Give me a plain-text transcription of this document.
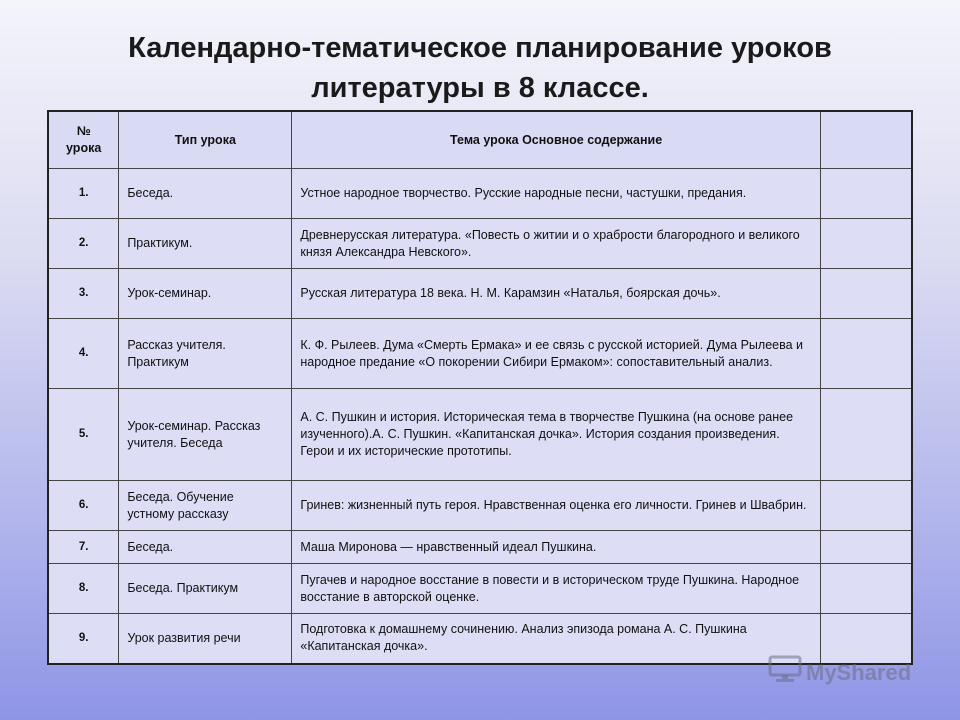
Календарно-тематическое планирование уроков
литературы в 8 классе.
№
урока	Тип урока	Тема урока Основное содержание	
1.	Беседа.	Устное народное творчество. Русские народные песни, частушки, предания.	
2.	Практикум.	Древнерусская литература. «Повесть о житии и о храбрости благородного и великого князя Александра Невского».	
3.	Урок-семинар.	Русская литература 18 века. Н. М. Карамзин «Наталья, боярская дочь».	
4.	Рассказ учителя. Практикум	К. Ф. Рылеев. Дума «Смерть Ермака» и ее связь с русской историей. Дума Рылеева и народное предание «О покорении Сибири Ермаком»: сопоставительный анализ.	
5.	Урок-семинар. Рассказ учителя. Беседа	А. С. Пушкин и история. Историческая тема в творчестве Пушкина (на основе ранее изученного).А. С. Пушкин. «Капитанская дочка». История создания произведения. Герои и их исторические прототипы.	
6.	Беседа. Обучение устному рассказу	Гринев: жизненный путь героя. Нравственная оценка его личности. Гринев и Швабрин.	
7.	Беседа.	Маша Миронова — нравственный идеал Пушкина.	
8.	Беседа. Практикум	Пугачев и народное восстание в повести и в историческом труде Пушкина. Народное восстание в авторской оценке.	
9.	Урок развития речи	Подготовка к домашнему сочинению. Анализ эпизода романа А. С. Пушкина «Капитанская дочка».	
MyShared
